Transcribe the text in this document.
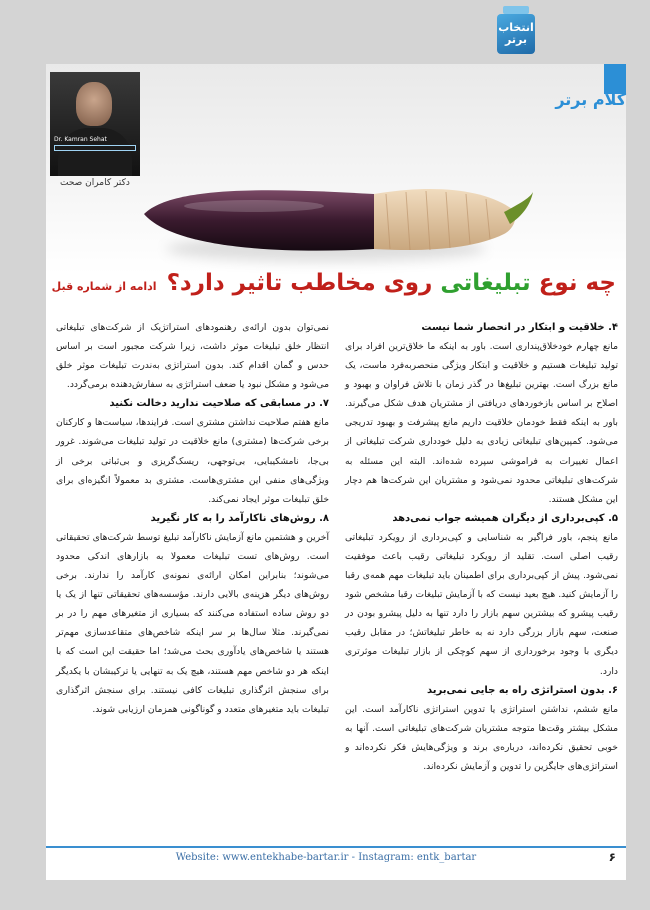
انتخاب برتر
کلام برتر
Dr. Kamran Sehat
دکتر کامران صحت
چه نوع تبلیغاتی روی مخاطب تاثیر دارد؟
ادامه از شماره قبل
۴. خلاقیت و ابتکار در انحصار شما نیست

مانع چهارم خودخلاق‌پنداری است. باور به اینکه ما خلاق‌ترین افراد برای تولید تبلیغات هستیم و خلاقیت و ابتکار ویژگی منحصربه‌فرد ماست، یک مانع بزرگ است. بهترین تبلیغ‌ها در گذر زمان با تلاش فراوان و بهبود و اصلاح بر اساس بازخوردهای دریافتی از مشتریان هدف شکل می‌گیرند. باور به اینکه فقط خودمان خلاقیت داریم مانع پیشرفت و بهبود تدریجی می‌شود. کمپین‌های تبلیغاتی زیادی به دلیل خودداری شرکت تبلیغاتی از اعمال تغییرات به فراموشی سپرده شده‌اند. البته این مسئله به شرکت‌های تبلیغاتی محدود نمی‌شود و مشتریان این شرکت‌ها هم دچار این مشکل هستند.

۵. کپی‌برداری از دیگران همیشه جواب نمی‌دهد

مانع پنجم، باور فراگیر به شناسایی و کپی‌برداری از رویکرد تبلیغاتی رقیب اصلی است. تقلید از رویکرد تبلیغاتی رقیب باعث موفقیت نمی‌شود. پیش از کپی‌برداری برای اطمینان باید تبلیغات مهم همه‌ی رقبا را آزمایش کنید. هیچ بعید نیست که با آزمایش تبلیغات رقبا مشخص شود رقیب پیشرو که بیشترین سهم بازار را دارد تنها به دلیل پیشرو بودن در صنعت، سهم بازار بزرگی دارد نه به خاطر تبلیغاتش؛ در مقابل رقیب دیگری با وجود برخورداری از سهم کوچکی از بازار تبلیغات موثرتری دارد.

۶. بدون استراتژی راه به جایی نمی‌برید

مانع ششم، نداشتن استراتژی یا تدوین استراتژی ناکارآمد است. این مشکل بیشتر وقت‌ها متوجه مشتریان شرکت‌های تبلیغاتی است. آنها به خوبی تحقیق نکرده‌اند، درباره‌ی برند و ویژگی‌هایش فکر نکرده‌اند و استراتژی‌های جایگزین را تدوین و آزمایش نکرده‌اند.

نمی‌توان بدون ارائه‌ی رهنمودهای استراتژیک از شرکت‌های تبلیغاتی انتظار خلق تبلیغات موثر داشت، زیرا شرکت مجبور است بر اساس حدس و گمان اقدام کند. بدون استراتژی به‌ندرت تبلیغات موثر خلق می‌شود و مشکل نبود یا ضعف استراتژی به سفارش‌دهنده برمی‌گردد.

۷. در مسابقی که صلاحیت ندارید دخالت نکنید

مانع هفتم صلاحیت نداشتن مشتری است. فرایندها، سیاست‌ها و کارکنان برخی شرکت‌ها (مشتری) مانع خلاقیت در تولید تبلیغات می‌شوند. غرور بی‌جا، نامشکیبایی، بی‌توجهی، ریسک‌گریزی و بی‌ثباتی برخی از ویژگی‌های منفی این مشتری‌هاست. مشتری بد معمولاً انگیزه‌ای برای خلق تبلیغات موثر ایجاد نمی‌کند.

۸. روش‌های ناکارآمد را به کار نگیرید

آخرین و هشتمین مانع آزمایش ناکارآمد تبلیغ توسط شرکت‌های تحقیقاتی است. روش‌های تست تبلیغات معمولا به بازارهای اندکی محدود می‌شوند؛ بنابراین امکان ارائه‌ی نمونه‌ی کارآمد را ندارند. برخی روش‌های دیگر هزینه‌ی بالایی دارند. مؤسسه‌های تحقیقاتی تنها از یک یا دو روش ساده استفاده می‌کنند که بسیاری از متغیرهای مهم را در بر نمی‌گیرند. مثلا سال‌ها بر سر اینکه شاخص‌های متقاعدسازی مهم‌تر هستند یا شاخص‌های یادآوری بحث می‌شد؛ اما حقیقت این است که با اینکه هر دو شاخص مهم هستند، هیچ یک به تنهایی یا ترکیبشان با یکدیگر برای سنجش اثرگذاری تبلیغات کافی نیستند. برای سنجش اثرگذاری تبلیغات باید متغیرهای متعدد و گوناگونی همزمان ارزیابی شوند.

Website: www.entekhabe-bartar.ir - Instagram: entk_bartar	۶
